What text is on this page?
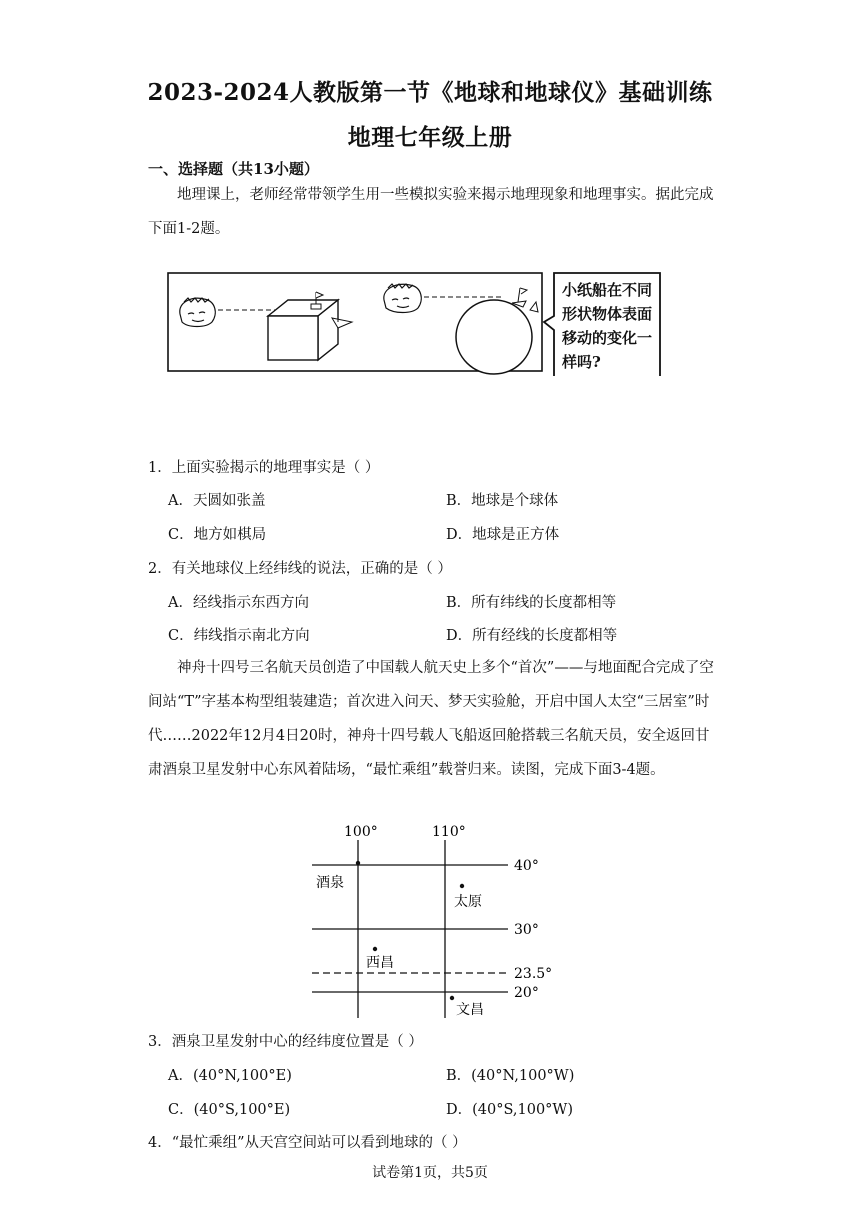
2023-2024人教版第一节《地球和地球仪》基础训练
地理七年级上册
一、选择题（共13小题）
地理课上，老师经常带领学生用一些模拟实验来揭示地理现象和地理事实。据此完成下面1-2题。
小纸船在不同
形状物体表面
移动的变化一
样吗?
1．上面实验揭示的地理事实是（ ）
A．天圆如张盖	B．地球是个球体
C．地方如棋局	D．地球是正方体
2．有关地球仪上经纬线的说法，正确的是（ ）
A．经线指示东西方向	B．所有纬线的长度都相等
C．纬线指示南北方向	D．所有经线的长度都相等
神舟十四号三名航天员创造了中国载人航天史上多个“首次”——与地面配合完成了空间站“T”字基本构型组装建造；首次进入问天、梦天实验舱，开启中国人太空“三居室”时代……2022年12月4日20时，神舟十四号载人飞船返回舱搭载三名航天员，安全返回甘肃酒泉卫星发射中心东风着陆场，“最忙乘组”载誉归来。读图，完成下面3-4题。
100°	110°
40°
30°
23.5°
20°
酒泉
太原
西昌
文昌
3．酒泉卫星发射中心的经纬度位置是（ ）
A．(40°N,100°E)	B．(40°N,100°W)
C．(40°S,100°E)	D．(40°S,100°W)
4．“最忙乘组”从天宫空间站可以看到地球的（ ）
试卷第1页，共5页
